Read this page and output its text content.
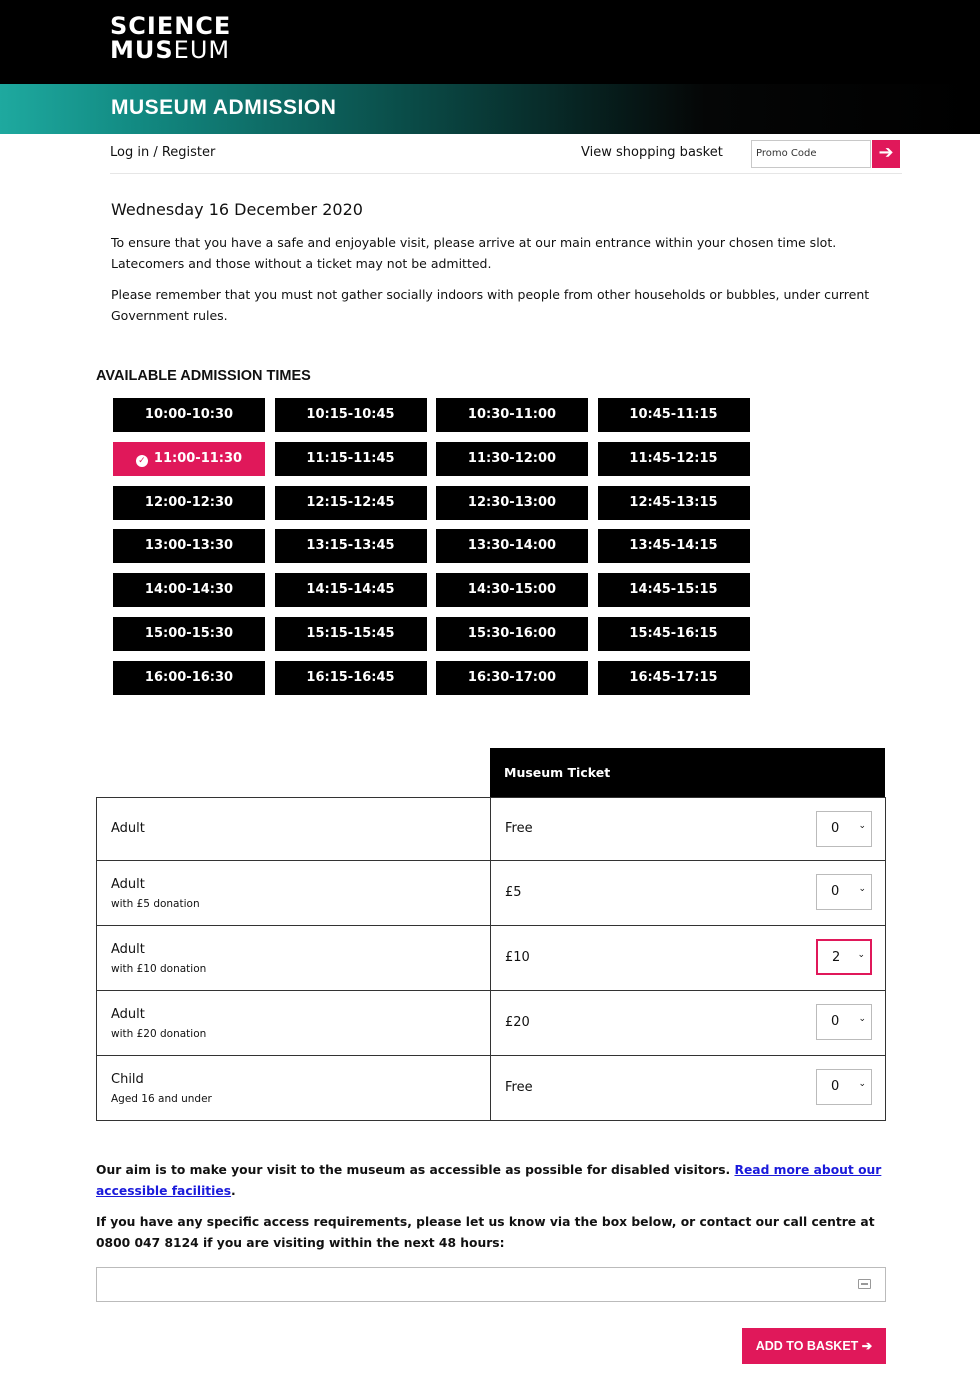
SCIENCE
MUSEUM
MUSEUM ADMISSION
Log in / Register	View shopping basket	Promo Code	➔
Wednesday 16 December 2020
To ensure that you have a safe and enjoyable visit, please arrive at our main entrance within your chosen time slot. Latecomers and those without a ticket may not be admitted.
Please remember that you must not gather socially indoors with people from other households or bubbles, under current Government rules.
AVAILABLE ADMISSION TIMES
10:00-10:30	10:15-10:45	10:30-11:00	10:45-11:15
✓ 11:00-11:30	11:15-11:45	11:30-12:00	11:45-12:15
12:00-12:30	12:15-12:45	12:30-13:00	12:45-13:15
13:00-13:30	13:15-13:45	13:30-14:00	13:45-14:15
14:00-14:30	14:15-14:45	14:30-15:00	14:45-15:15
15:00-15:30	15:15-15:45	15:30-16:00	15:45-16:15
16:00-16:30	16:15-16:45	16:30-17:00	16:45-17:15
Museum Ticket
Adult	Free	0 ⌄
Adult
with £5 donation
£5	0 ⌄
Adult
with £10 donation
£10	2 ⌄
Adult
with £20 donation
£20	0 ⌄
Child
Aged 16 and under
Free	0 ⌄
Our aim is to make your visit to the museum as accessible as possible for disabled visitors. Read more about our accessible facilities.
If you have any specific access requirements, please let us know via the box below, or contact our call centre at 0800 047 8124 if you are visiting within the next 48 hours:
ADD TO BASKET ➔
